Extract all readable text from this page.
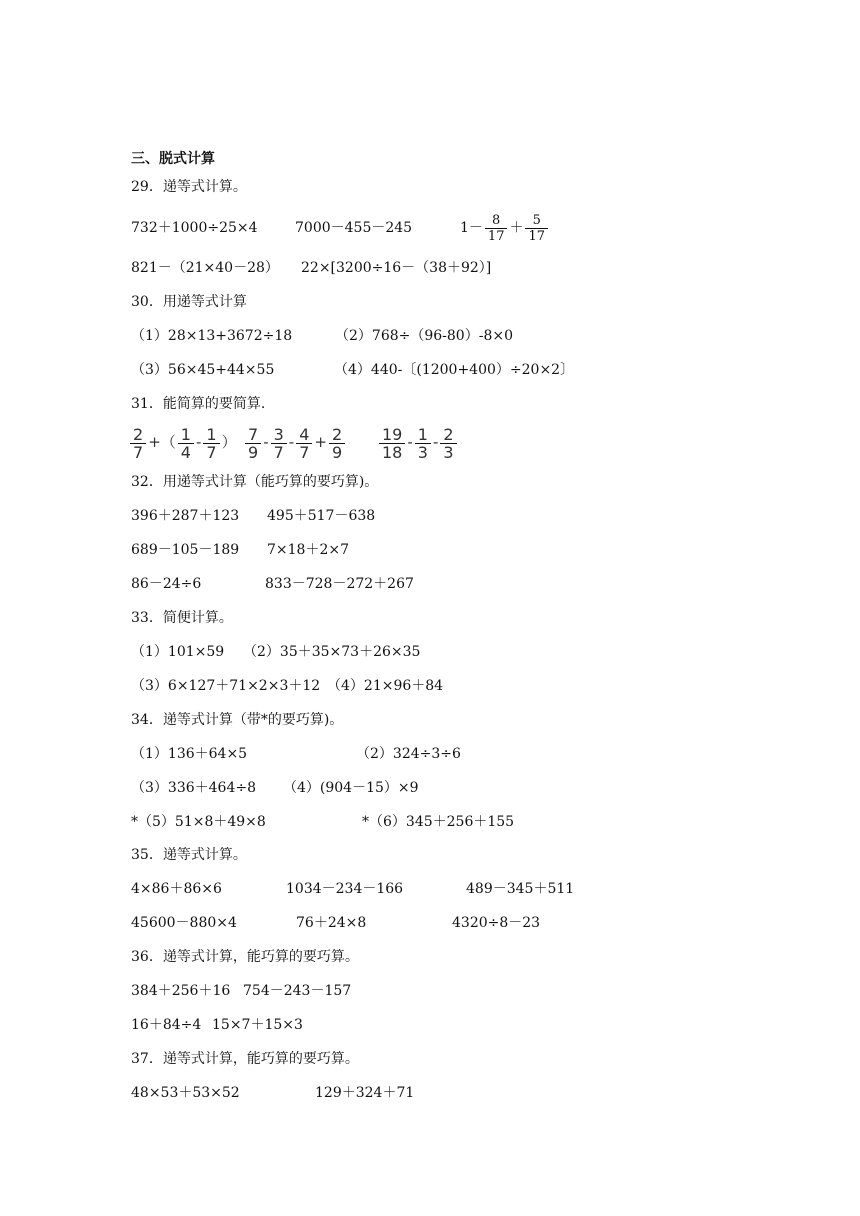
三、脱式计算
29．递等式计算。
732＋1000÷25×4	7000－455－245	$1- \frac{8}{17} + \frac{5}{17}$
821－（21×40－28） 22×[3200÷16－（38＋92）]
30．用递等式计算
（1）28×13+3672÷18	（2）768÷（96-80）-8×0
（3）56×45+44×55	（4）440-〔(1200+400）÷20×2〕
31．能简算的要简算.
$\frac{2}{7}$ +（ $\frac{1}{4} - \frac{1}{7}$ ） $\frac{7}{9} - \frac{3}{7} - \frac{4}{7} + \frac{2}{9} \frac{19}{18} - \frac{1}{3} - \frac{2}{3}$
32．用递等式计算（能巧算的要巧算)。
396＋287＋123 495＋517－638
689－105－189 7×18＋2×7
86－24÷6	833－728－272＋267
33．简便计算。
（1）101×59 （2）35＋35×73＋26×35
（3）6×127＋71×2×3＋12 （4）21×96＋84
34．递等式计算（带*的要巧算)。
（1）136＋64×5	（2）324÷3÷6
（3）336＋464÷8 （4）(904－15）×9
*（5）51×8＋49×8	*（6）345＋256＋155
35．递等式计算。
4×86＋86×6	1034－234－166	489－345＋511
45600－880×4	76＋24×8	4320÷8－23
36．递等式计算，能巧算的要巧算。
384＋256＋16 754－243－157
16＋84÷4 15×7＋15×3
37．递等式计算，能巧算的要巧算。
48×53＋53×52	129＋324＋71
